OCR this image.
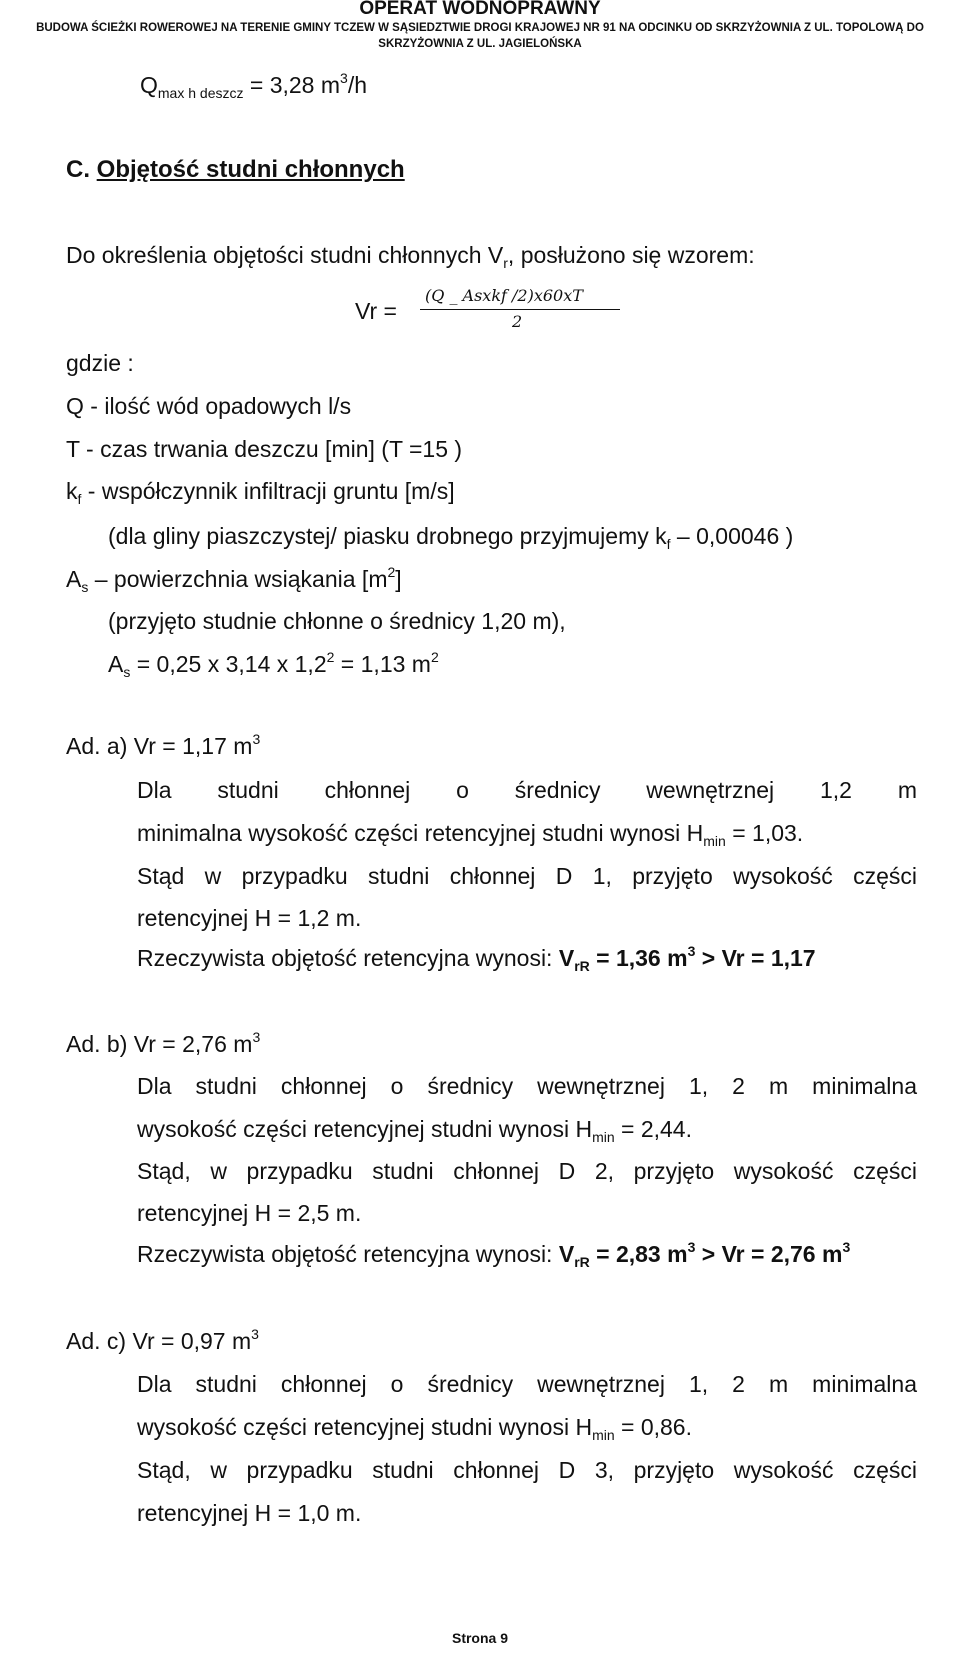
OPERAT WODNOPRAWNY
BUDOWA ŚCIEŻKI ROWEROWEJ NA TERENIE GMINY TCZEW W SĄSIEDZTWIE DROGI KRAJOWEJ NR 91 NA ODCINKU OD SKRZYŻOWNIA Z UL. TOPOLOWĄ DO
SKRZYŻOWNIA Z UL. JAGIELOŃSKA
$Q_{max h deszcz} = 3,28$ $m^3/h$
C. Objętość studni chłonnych
Do określenia objętości studni chłonnych $V_r$, posłużono się wzorem:
Vr =
(Q _ Asxkf /2)x60xT
2
gdzie :
Q - ilość wód opadowych l/s
T - czas trwania deszczu [min] (T =15 )
$k_f$ - współczynnik infiltracji gruntu [m/s]
(dla gliny piaszczystej/ piasku drobnego przyjmujemy $k_f - 0,00046$ )
$A_s$ – powierzchnia wsiąkania $[m^2]$
(przyjęto studnie chłonne o średnicy 1,20 m),
$A_s = 0,25$ x 3,14 x $1,2^2 = 1,13$ $m^2$
Ad. a) Vr = 1,17 $m^3$
Dla studni chłonnej o średnicy wewnętrznej 1,2 m
minimalna wysokość części retencyjnej studni wynosi $H_{min} = 1,03$.
Stąd w przypadku studni chłonnej D 1, przyjęto wysokość części
retencyjnej H = 1,2 m.
Rzeczywista objętość retencyjna wynosi: $V_{rR} = 1,36$ $m^3 > Vr = 1,17$
Ad. b) Vr = 2,76 $m^3$
Dla studni chłonnej o średnicy wewnętrznej 1, 2 m minimalna
wysokość części retencyjnej studni wynosi $H_{min} = 2,44$.
Stąd, w przypadku studni chłonnej D 2, przyjęto wysokość części
retencyjnej H = 2,5 m.
Rzeczywista objętość retencyjna wynosi: $V_{rR} = 2,83$ $m^3 > Vr = 2,76$ $m^3$
Ad. c) Vr = 0,97 $m^3$
Dla studni chłonnej o średnicy wewnętrznej 1, 2 m minimalna
wysokość części retencyjnej studni wynosi $H_{min} = 0,86$.
Stąd, w przypadku studni chłonnej D 3, przyjęto wysokość części
retencyjnej H = 1,0 m.
Strona 9
